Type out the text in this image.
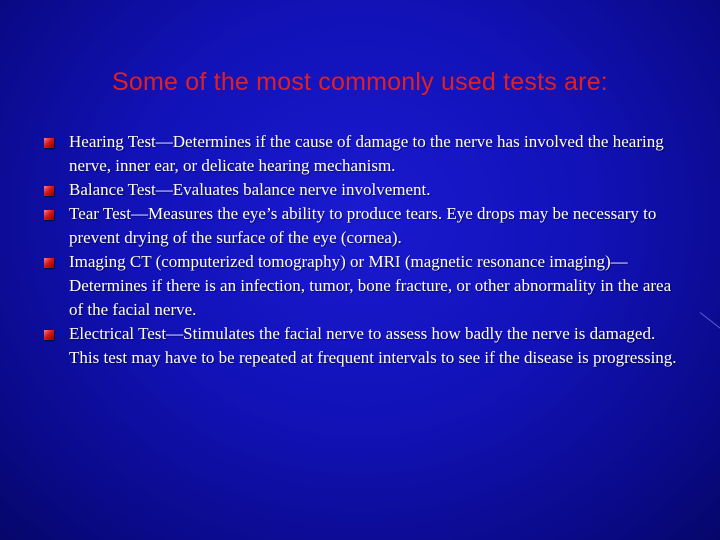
Some of the most commonly used tests are:
Hearing Test—Determines if the cause of damage to the nerve has involved the hearing nerve, inner ear, or delicate hearing mechanism.
Balance Test—Evaluates balance nerve involvement.
Tear Test—Measures the eye’s ability to produce tears. Eye drops may be necessary to prevent drying of the surface of the eye (cornea).
Imaging CT (computerized tomography) or MRI (magnetic resonance imaging)—Determines if there is an infection, tumor, bone fracture, or other abnormality in the area of the facial nerve.
Electrical Test—Stimulates the facial nerve to assess how badly the nerve is damaged. This test may have to be repeated at frequent intervals to see if the disease is progressing.
